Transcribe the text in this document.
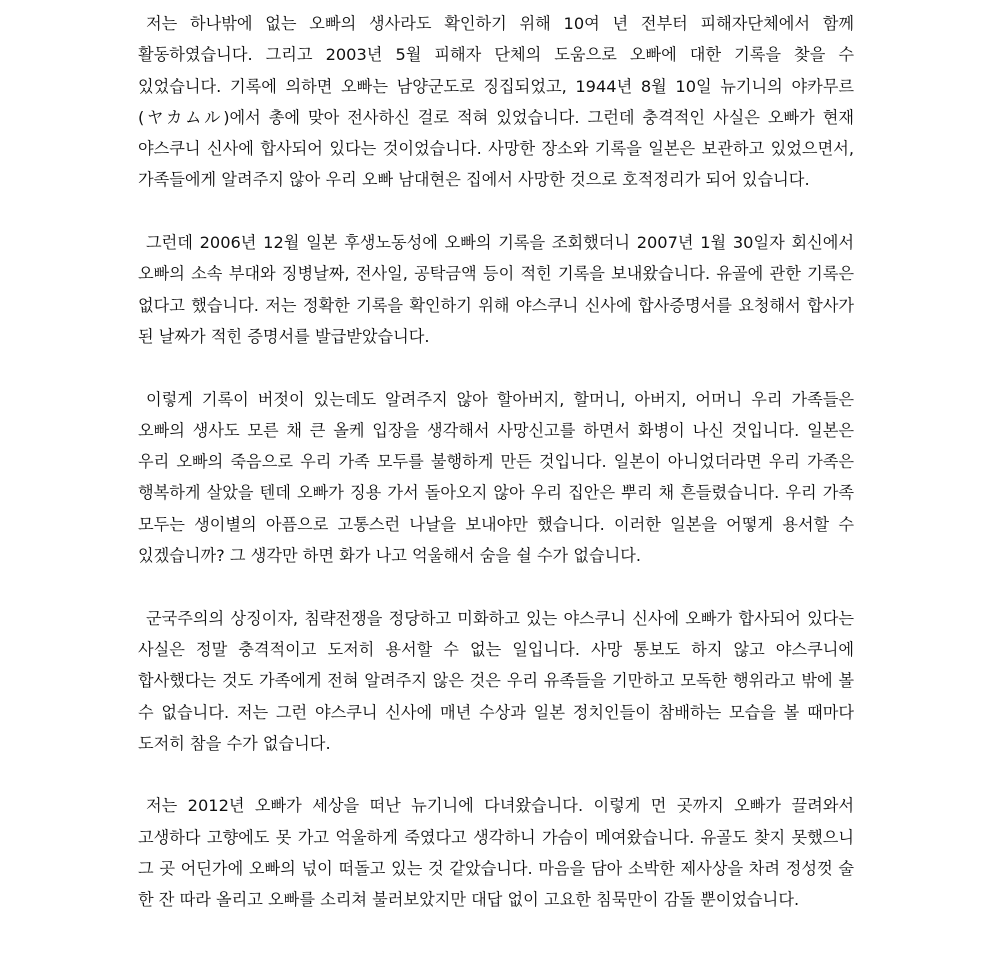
저는 하나밖에 없는 오빠의 생사라도 확인하기 위해 10여 년 전부터 피해자단체에서 함께 활동하였습니다. 그리고 2003년 5월 피해자 단체의 도움으로 오빠에 대한 기록을 찾을 수 있었습니다. 기록에 의하면 오빠는 남양군도로 징집되었고, 1944년 8월 10일 뉴기니의 야카무르(ヤカムル)에서 총에 맞아 전사하신 걸로 적혀 있었습니다. 그런데 충격적인 사실은 오빠가 현재 야스쿠니 신사에 합사되어 있다는 것이었습니다. 사망한 장소와 기록을 일본은 보관하고 있었으면서, 가족들에게 알려주지 않아 우리 오빠 남대현은 집에서 사망한 것으로 호적정리가 되어 있습니다.

그런데 2006년 12월 일본 후생노동성에 오빠의 기록을 조회했더니 2007년 1월 30일자 회신에서 오빠의 소속 부대와 징병날짜, 전사일, 공탁금액 등이 적힌 기록을 보내왔습니다. 유골에 관한 기록은 없다고 했습니다. 저는 정확한 기록을 확인하기 위해 야스쿠니 신사에 합사증명서를 요청해서 합사가 된 날짜가 적힌 증명서를 발급받았습니다.

이렇게 기록이 버젓이 있는데도 알려주지 않아 할아버지, 할머니, 아버지, 어머니 우리 가족들은 오빠의 생사도 모른 채 큰 올케 입장을 생각해서 사망신고를 하면서 화병이 나신 것입니다. 일본은 우리 오빠의 죽음으로 우리 가족 모두를 불행하게 만든 것입니다. 일본이 아니었더라면 우리 가족은 행복하게 살았을 텐데 오빠가 징용 가서 돌아오지 않아 우리 집안은 뿌리 채 흔들렸습니다. 우리 가족 모두는 생이별의 아픔으로 고통스런 나날을 보내야만 했습니다. 이러한 일본을 어떻게 용서할 수 있겠습니까? 그 생각만 하면 화가 나고 억울해서 숨을 쉴 수가 없습니다.

군국주의의 상징이자, 침략전쟁을 정당하고 미화하고 있는 야스쿠니 신사에 오빠가 합사되어 있다는 사실은 정말 충격적이고 도저히 용서할 수 없는 일입니다. 사망 통보도 하지 않고 야스쿠니에 합사했다는 것도 가족에게 전혀 알려주지 않은 것은 우리 유족들을 기만하고 모독한 행위라고 밖에 볼 수 없습니다. 저는 그런 야스쿠니 신사에 매년 수상과 일본 정치인들이 참배하는 모습을 볼 때마다 도저히 참을 수가 없습니다.

저는 2012년 오빠가 세상을 떠난 뉴기니에 다녀왔습니다. 이렇게 먼 곳까지 오빠가 끌려와서 고생하다 고향에도 못 가고 억울하게 죽였다고 생각하니 가슴이 메여왔습니다. 유골도 찾지 못했으니 그 곳 어딘가에 오빠의 넋이 떠돌고 있는 것 같았습니다. 마음을 담아 소박한 제사상을 차려 정성껏 술 한 잔 따라 올리고 오빠를 소리쳐 불러보았지만 대답 없이 고요한 침묵만이 감돌 뿐이었습니다.
